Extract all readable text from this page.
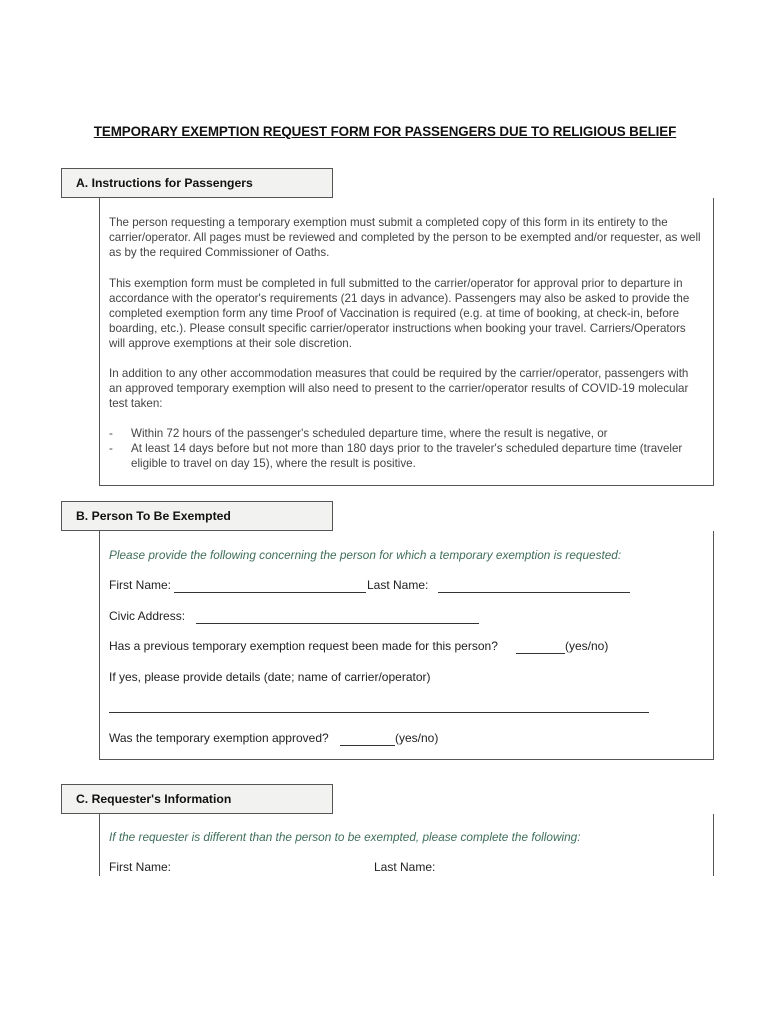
TEMPORARY EXEMPTION REQUEST FORM FOR PASSENGERS DUE TO RELIGIOUS BELIEF
A. Instructions for Passengers

The person requesting a temporary exemption must submit a completed copy of this form in its entirety to the carrier/operator. All pages must be reviewed and completed by the person to be exempted and/or requester, as well as by the required Commissioner of Oaths.

This exemption form must be completed in full submitted to the carrier/operator for approval prior to departure in accordance with the operator's requirements (21 days in advance). Passengers may also be asked to provide the completed exemption form any time Proof of Vaccination is required (e.g. at time of booking, at check-in, before boarding, etc.). Please consult specific carrier/operator instructions when booking your travel. Carriers/Operators will approve exemptions at their sole discretion.

In addition to any other accommodation measures that could be required by the carrier/operator, passengers with an approved temporary exemption will also need to present to the carrier/operator results of COVID-19 molecular test taken:

- Within 72 hours of the passenger's scheduled departure time, where the result is negative, or
- At least 14 days before but not more than 180 days prior to the traveler's scheduled departure time (traveler eligible to travel on day 15), where the result is positive.
B. Person To Be Exempted
Please provide the following concerning the person for which a temporary exemption is requested:
First Name:	Last Name:
Civic Address:
Has a previous temporary exemption request been made for this person?	(yes/no)
If yes, please provide details (date; name of carrier/operator)
Was the temporary exemption approved?	(yes/no)
C. Requester's Information
If the requester is different than the person to be exempted, please complete the following:
First Name:	Last Name:
